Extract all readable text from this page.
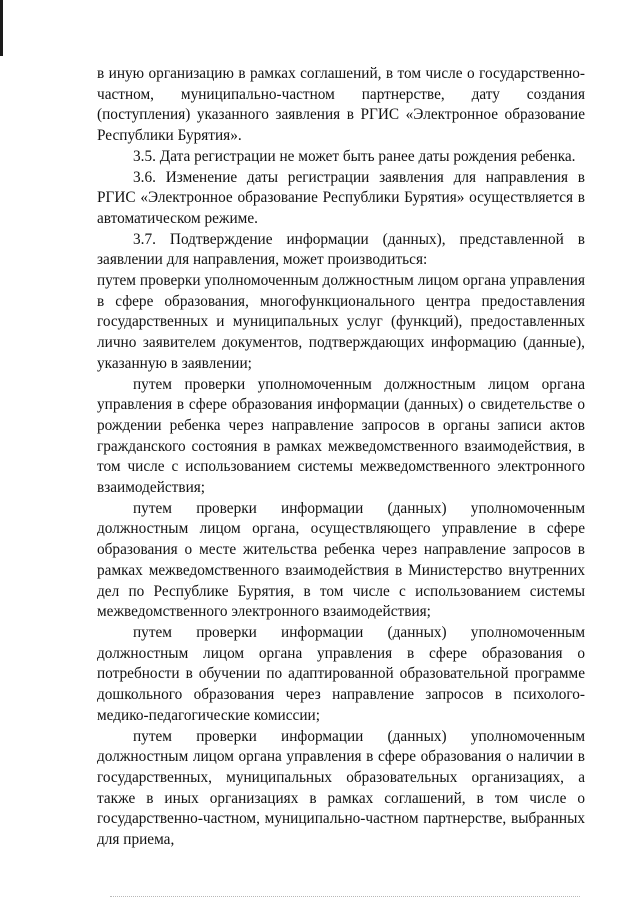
в иную организацию в рамках соглашений, в том числе о государственно-частном, муниципально-частном партнерстве, дату создания (поступления) указанного заявления в РГИС «Электронное образование Республики Бурятия».

3.5. Дата регистрации не может быть ранее даты рождения ребенка.

3.6. Изменение даты регистрации заявления для направления в РГИС «Электронное образование Республики Бурятия» осуществляется в автоматическом режиме.

3.7. Подтверждение информации (данных), представленной в заявлении для направления, может производиться:

путем проверки уполномоченным должностным лицом органа управления в сфере образования, многофункционального центра предоставления государственных и муниципальных услуг (функций), предоставленных лично заявителем документов, подтверждающих информацию (данные), указанную в заявлении;

путем проверки уполномоченным должностным лицом органа управления в сфере образования информации (данных) о свидетельстве о рождении ребенка через направление запросов в органы записи актов гражданского состояния в рамках межведомственного взаимодействия, в том числе с использованием системы межведомственного электронного взаимодействия;

путем проверки информации (данных) уполномоченным должностным лицом органа, осуществляющего управление в сфере образования о месте жительства ребенка через направление запросов в рамках межведомственного взаимодействия в Министерство внутренних дел по Республике Бурятия, в том числе с использованием системы межведомственного электронного взаимодействия;

путем проверки информации (данных) уполномоченным должностным лицом органа управления в сфере образования о потребности в обучении по адаптированной образовательной программе дошкольного образования через направление запросов в психолого-медико-педагогические комиссии;

путем проверки информации (данных) уполномоченным должностным лицом органа управления в сфере образования о наличии в государственных, муниципальных образовательных организациях, а также в иных организациях в рамках соглашений, в том числе о государственно-частном, муниципально-частном партнерстве, выбранных для приема,
